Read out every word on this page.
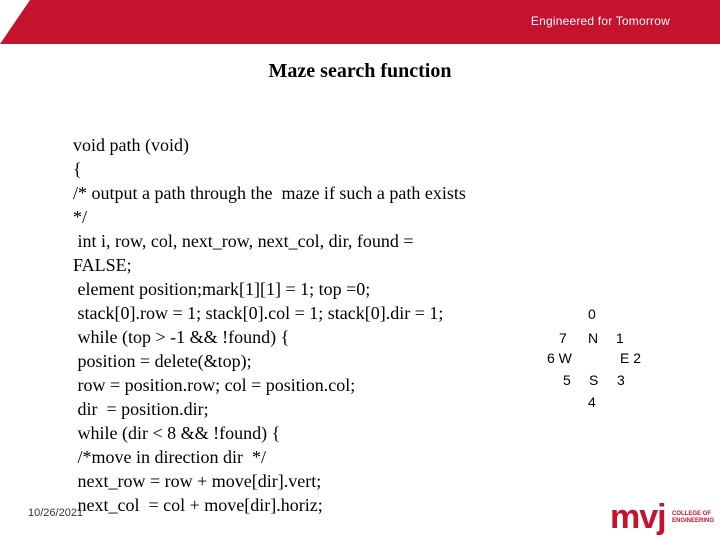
Engineered for Tomorrow
Maze search function
void path (void)
{
/* output a path through the  maze if such a path exists
*/
int i, row, col, next_row, next_col, dir, found =
FALSE;
element position;mark[1][1] = 1; top =0;
stack[0].row = 1; stack[0].col = 1; stack[0].dir = 1;
while (top > -1 && !found) {
position = delete(&top);
row = position.row; col = position.col;
dir  = position.dir;
while (dir < 8 && !found) {
/*move in direction dir  */
next_row = row + move[dir].vert;
next_col  = col + move[dir].horiz;
0
7 N 1
6 W	E 2
5 S 3
4
10/26/2021	mvj COLLEGE OF
ENGINEERING
